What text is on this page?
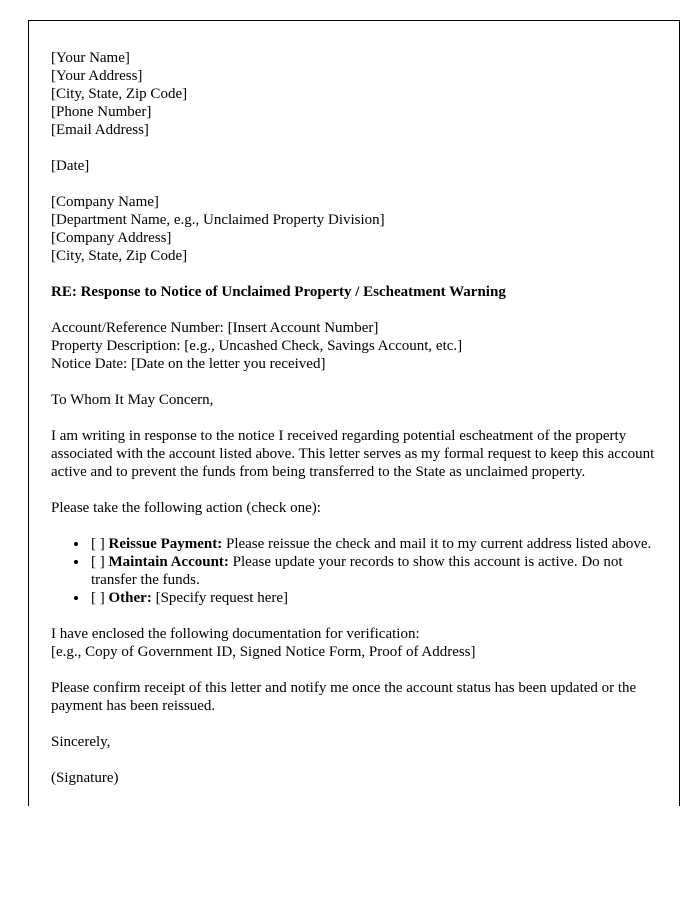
[Your Name]
[Your Address]
[City, State, Zip Code]
[Phone Number]
[Email Address]
[Date]
[Company Name]
[Department Name, e.g., Unclaimed Property Division]
[Company Address]
[City, State, Zip Code]
RE: Response to Notice of Unclaimed Property / Escheatment Warning
Account/Reference Number: [Insert Account Number]
Property Description: [e.g., Uncashed Check, Savings Account, etc.]
Notice Date: [Date on the letter you received]
To Whom It May Concern,
I am writing in response to the notice I received regarding potential escheatment of the property associated with the account listed above. This letter serves as my formal request to keep this account active and to prevent the funds from being transferred to the State as unclaimed property.
Please take the following action (check one):
• [ ] Reissue Payment: Please reissue the check and mail it to my current address listed above.
• [ ] Maintain Account: Please update your records to show this account is active. Do not transfer the funds.
• [ ] Other: [Specify request here]
I have enclosed the following documentation for verification:
[e.g., Copy of Government ID, Signed Notice Form, Proof of Address]
Please confirm receipt of this letter and notify me once the account status has been updated or the payment has been reissued.
Sincerely,
(Signature)
